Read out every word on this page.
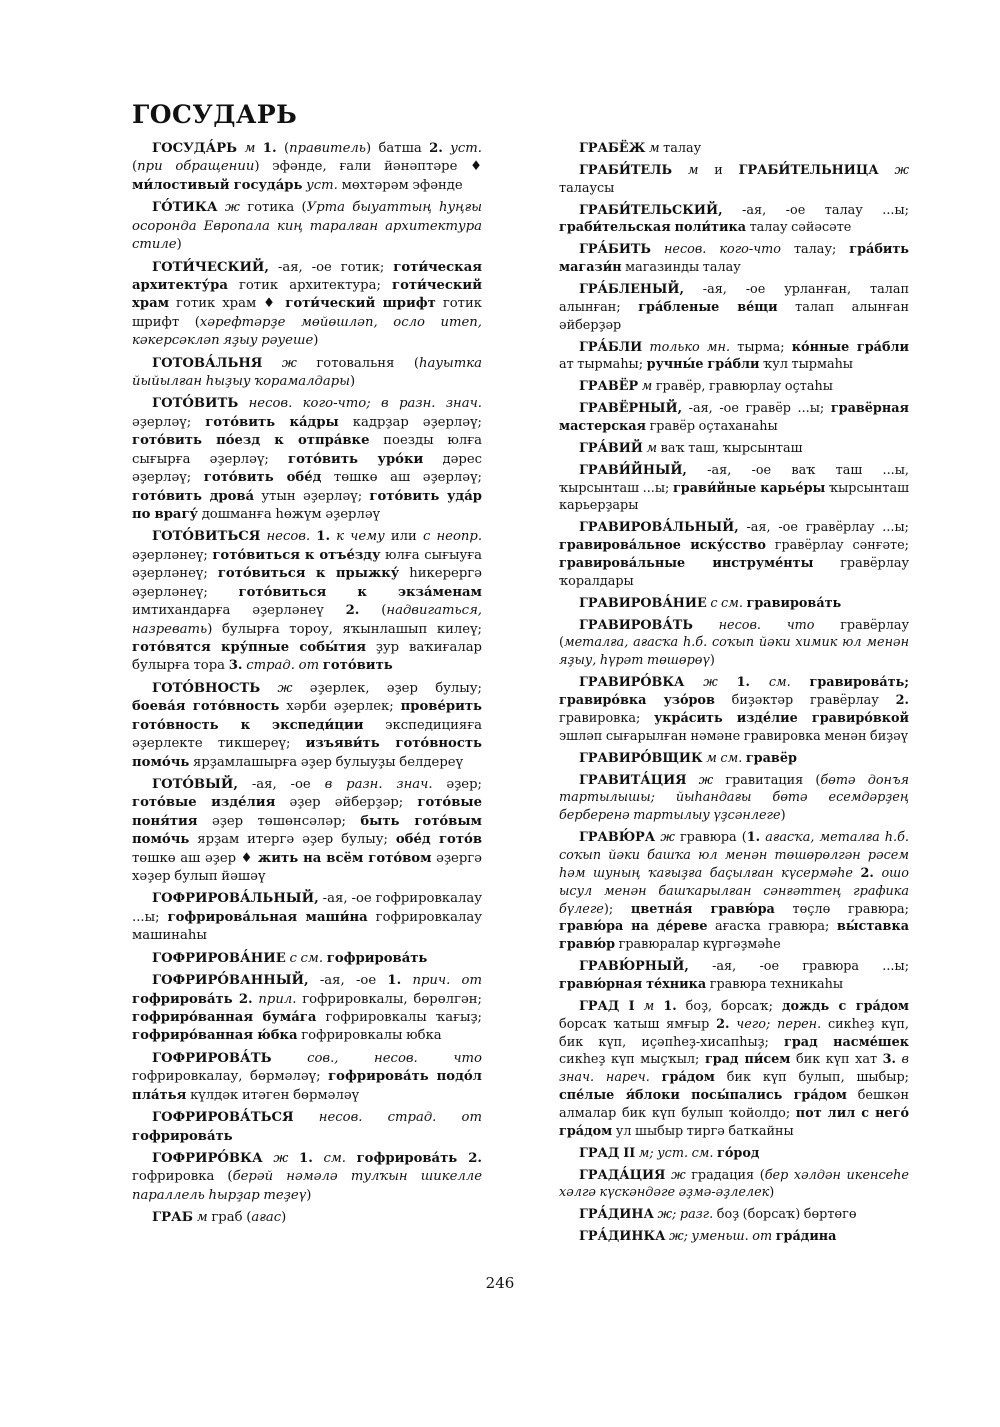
ГОСУДАРЬ

ГОСУДА́РЬ м 1. (правитель) батша 2. уст. (при обращении) эфәнде, ғали йәнәптәре ♦ ми́лостивый госуда́рь уст. мөхтәрәм эфәнде

ГО́ТИКА ж готика (Урта быуаттың һуңғы осоронда Европала киң таралған архитектура стиле)

ГОТИ́ЧЕСКИЙ, -ая, -ое готик; готи́ческая архитекту́ра готик архитектура; готи́ческий храм готик храм ♦ готи́ческий шрифт готик шрифт (хәрефтәрҙе мөйөшләп, осло итеп, кәкерсәкләп яҙыу рәуеше)

ГОТОВА́ЛЬНЯ ж готовальня (һауыткa йыйылған һыҙыу ҡорамалдары)

ГОТО́ВИТЬ несов. кого-что; в разн. знач. әҙерләү; гото́вить ка́дры кадрҙар әҙерләү; гото́вить по́езд к отпра́вке поезды юлға сығырға әҙерләү; гото́вить уро́ки дәрес әҙерләү; гото́вить обе́д төшкө аш әҙерләү; гото́вить дрова́ утын әҙерләү; гото́вить уда́р по врагу́ дошманға һөжүм әҙерләү

ГОТО́ВИТЬСЯ несов. 1. к чему или с неопр. әҙерләнеү; гото́виться к отъе́зду юлға сығыуға әҙерләнеү; гото́виться к прыжку́ һикерергә әҙерләнеү; гото́виться к экза́менам имтихандарға әҙерләнеү 2. (надвигаться, назревать) булырға тороу, яҡынлашып килеү; гото́вятся кру́пные собы́тия ҙур ваҡиғалар булырға тора 3. страд. от гото́вить

ГОТО́ВНОСТЬ ж әҙерлек, әҙер булыу; боева́я гото́вность хәрби әҙерлек; прове́рить гото́вность к экспеди́ции экспедицияға әҙерлекте тикшереү; изъяви́ть гото́вность помо́чь ярҙамлашырға әҙер булыуҙы белдереү

ГОТО́ВЫЙ, -ая, -ое в разн. знач. әҙер; гото́вые изде́лия әҙер әйберҙәр; гото́вые поня́тия әҙер төшөнсәләр; быть гото́вым помо́чь ярҙам итергә әҙер булыу; обе́д гото́в төшкө аш әҙер ♦ жить на всём гото́вом әҙергә хәҙер булып йәшәү

ГОФРИРОВА́ЛЬНЫЙ, -ая, -ое гофрировкалау ...ы; гофрирова́льная маши́на гофрировкалау машинаһы

ГОФРИРОВА́НИЕ с см. гофрирова́ть

ГОФРИРО́ВАННЫЙ, -ая, -ое 1. прич. от гофрирова́ть 2. прил. гофрировкалы, бөрөлгән; гофриро́ванная бума́га гофрировкалы ҡағыҙ; гофриро́ванная ю́бка гофрировкалы юбка

ГОФРИРОВА́ТЬ	сов., несов. что гофрировкалау, бөрмәләү; гофрирова́ть подо́л пла́тья күлдәк итәген бөрмәләү

ГОФРИРОВА́ТЬСЯ несов. страд. от гофрирова́ть

ГОФРИРО́ВКА ж 1. см. гофрирова́ть 2. гофрировка (берәй нәмәлә тулҡын шикелле параллель һырҙар теҙеү)

ГРАБ м граб (ағас)

ГРАБЁЖ м талау

ГРАБИ́ТЕЛЬ м и ГРАБИ́ТЕЛЬНИЦА ж талаусы

ГРАБИ́ТЕЛЬСКИЙ, -ая, -ое талау ...ы; граби́тельская поли́тика талау сәйәсәте

ГРА́БИТЬ несов. кого-что талау; гра́бить магази́н магазинды талау

ГРА́БЛЕНЫЙ, -ая, -ое урланған, талап алынған; гра́бленые ве́щи талап алынған әйберҙәр

ГРА́БЛИ только мн. тырма; ко́нные гра́бли ат тырмаһы; ручны́е гра́бли ҡул тырмаһы

ГРАВЁР м гравёр, гравюрлау оҫтаһы

ГРАВЁРНЫЙ, -ая, -ое гравёр ...ы; гравёрная мастерская гравёр оҫтаханаһы

ГРА́ВИЙ м ваҡ таш, ҡырсынташ

ГРАВИ́ЙНЫЙ, -ая, -ое ваҡ таш ...ы, ҡырсынташ ...ы; грави́йные карье́ры ҡырсынташ карьерҙары

ГРАВИРОВА́ЛЬНЫЙ, -ая, -ое гравёрлау ...ы; гравирова́льное иску́сство гравёрлау сәнғәте; гравирова́льные инструме́нты гравёрлау ҡоралдары

ГРАВИРОВА́НИЕ с см. гравирова́ть

ГРАВИРОВА́ТЬ несов. что гравёрлау (металға, ағасҡа һ.б. соҡып йәки химик юл менән яҙыу, һүрәт төшөрөү)

ГРАВИРО́ВКА ж 1. см. гравирова́ть; гравиро́вка узо́ров биҙәктәр гравёрлау 2. гравировка; укра́сить изде́лие гравиро́вкой эшләп сығарылған нәмәне гравировка менән биҙәү

ГРАВИРО́ВЩИК м см. гравёр

ГРАВИТА́ЦИЯ ж гравитация (бөтә донъя тартылышы; йыһандағы бөтә есемдәрҙең берберенә тартылыу үҙсәнлеге)

ГРАВЮ́РА ж гравюра (1. ағасҡа, металға һ.б. соҡып йәки башҡа юл менән төшөрөлгән рәсем һәм шуның ҡағыҙға баҫылған күсермәһе 2. ошо ысул менән башҡарылған сәнғәттең графика бүлеге); цветна́я гравю́ра төҫлө гравюра; гравю́ра на де́реве ағасҡа гравюра; вы́ставка гравю́р гравюралар күргәҙмәһе

ГРАВЮ́РНЫЙ, -ая, -ое гравюра ...ы; гравю́рная те́хника гравюра техникаһы

ГРАД I м 1. боҙ, борсаҡ; дождь с гра́дом борсаҡ ҡатыш ямғыр 2. чего; перен. сикһеҙ күп, бик күп, иҫәпһеҙ-хисапһыҙ; град насме́шек сикһеҙ күп мыҫҡыл; град пи́сем бик күп хат 3. в знач. нареч. гра́дом бик күп булып, шыбыр; спе́лые я́блоки посы́пались гра́дом бешкән алмалар бик күп булып ҡойолдо; пот лил с него́ гра́дом ул шыбыр тиргә баткайны

ГРАД II м; уст. см. го́род

ГРАДА́ЦИЯ ж градация (бер хәлдән икенсеһе хәлгә күскәндәге әҙмә-әҙлелек)

ГРА́ДИНА ж; разг. боҙ (борсаҡ) бөртөгө

ГРА́ДИНКА ж; уменьш. от гра́дина

246
